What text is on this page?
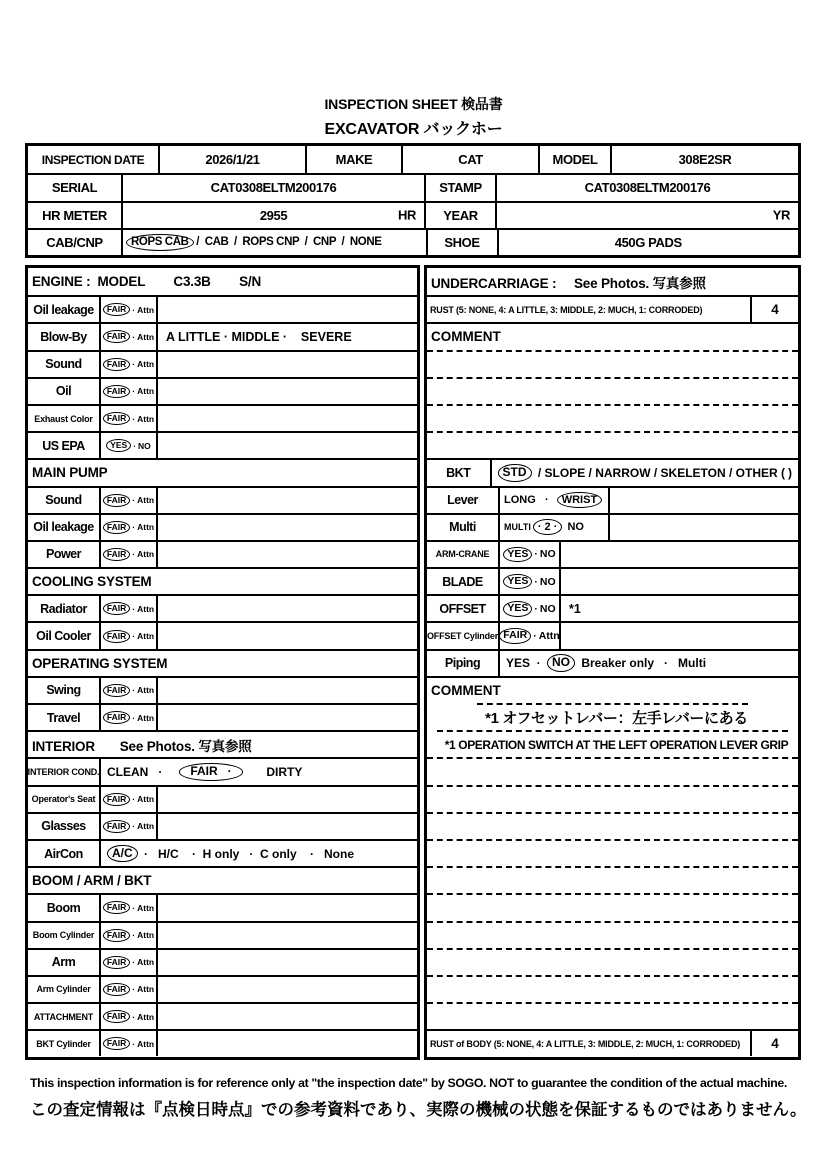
INSPECTION SHEET 検品書
EXCAVATOR バックホー
INSPECTION DATE	2026/1/21	MAKE	CAT	MODEL	308E2SR
SERIAL	CAT0308ELTM200176	STAMP	CAT0308ELTM200176
HR METER	2955	HR	YEAR	YR
CAB/CNP	ROPS CAB /  CAB  /  ROPS CNP  /  CNP  /  NONE	SHOE	450G PADS
ENGINE :  MODEL        C3.3B        S/N
Oil leakage	FAIR · Attn
Blow-By	FAIR · Attn A LITTLE · MIDDLE ·    SEVERE
Sound	FAIR · Attn
Oil	FAIR · Attn
Exhaust Color	FAIR · Attn
US EPA	YES · NO
MAIN PUMP
Sound	FAIR · Attn
Oil leakage	FAIR · Attn
Power	FAIR · Attn
COOLING SYSTEM
Radiator	FAIR · Attn
Oil Cooler	FAIR · Attn
OPERATING SYSTEM
Swing	FAIR · Attn
Travel	FAIR · Attn
INTERIOR       See Photos. 写真参照
INTERIOR COND. CLEAN   · FAIR   · DIRTY
Operator's Seat	FAIR · Attn
Glasses	FAIR · Attn
AirCon	A/C ·   H/C    ·  H only   ·  C only    ·   None
BOOM / ARM / BKT
Boom	FAIR · Attn
Boom Cylinder	FAIR · Attn
Arm	FAIR · Attn
Arm Cylinder	FAIR · Attn
ATTACHMENT	FAIR · Attn
BKT Cylinder	FAIR · Attn
UNDERCARRIAGE :     See Photos. 写真参照
RUST (5: NONE, 4: A LITTLE, 3: MIDDLE, 2: MUCH, 1: CORRODED)	4
COMMENT
BKT	STD / SLOPE / NARROW / SKELETON / OTHER ( )
Lever	LONG   · WRIST
Multi	MULTI · 2 · NO
ARM-CRANE	YES · NO
BLADE	YES · NO
OFFSET	YES · NO	*1
OFFSET Cylinder FAIR · Attn
Piping	YES  · NO Breaker only   ·   Multi
COMMENT
*1 オフセットレバー：左手レバーにある
*1 OPERATION SWITCH AT THE LEFT OPERATION LEVER GRIP
RUST of BODY (5: NONE, 4: A LITTLE, 3: MIDDLE, 2: MUCH, 1: CORRODED) 4
This inspection information is for reference only at "the inspection date" by SOGO. NOT to guarantee the condition of the actual machine.
この査定情報は『点検日時点』での参考資料であり、実際の機械の状態を保証するものではありません。
